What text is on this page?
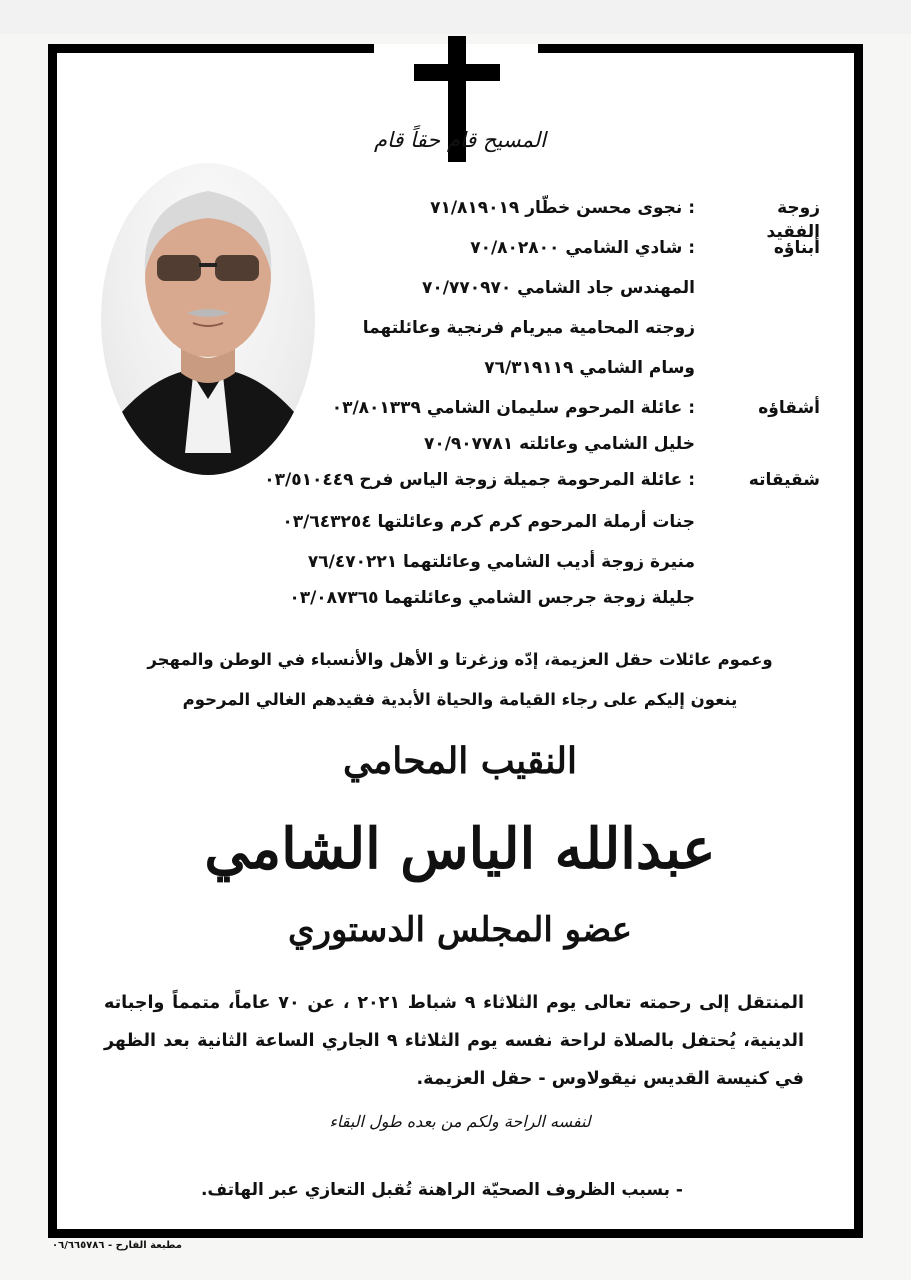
المسيح قام حقاً قام
زوجة الفقيد
: نجوى محسن خطّار ٧١/٨١٩٠١٩
أبناؤه
: شادي الشامي ٧٠/٨٠٢٨٠٠
المهندس جاد الشامي ٧٠/٧٧٠٩٧٠
زوجته المحامية ميريام فرنجية وعائلتهما
وسام الشامي ٧٦/٣١٩١١٩
أشقاؤه
: عائلة المرحوم سليمان الشامي ٠٣/٨٠١٣٣٩
خليل الشامي وعائلته ٧٠/٩٠٧٧٨١
شقيقاته
: عائلة المرحومة جميلة زوجة الياس فرح ٠٣/٥١٠٤٤٩
جنات أرملة المرحوم كرم كرم وعائلتها ٠٣/٦٤٣٢٥٤
منيرة زوجة أديب الشامي وعائلتهما ٧٦/٤٧٠٢٢١
جليلة زوجة جرجس الشامي وعائلتهما ٠٣/٠٨٧٣٦٥
وعموم عائلات حقل العزيمة، إدّه وزغرتا و الأهل والأنسباء في الوطن والمهجر
ينعون إليكم على رجاء القيامة والحياة الأبدية فقيدهم الغالي المرحوم
النقيب المحامي
عبدالله الياس الشامي
عضو المجلس الدستوري
المنتقل إلى رحمته تعالى يوم الثلاثاء ٩ شباط ٢٠٢١ ، عن ٧٠ عاماً، متمماً واجباته الدينية، يُحتفل بالصلاة لراحة نفسه يوم الثلاثاء ٩ الجاري الساعة الثانية بعد الظهر في كنيسة القديس نيقولاوس - حقل العزيمة.
لنفسه الراحة ولكم من بعده طول البقاء
- بسبب الظروف الصحيّة الراهنة تُقبل التعازي عبر الهاتف.
مطبعة الفارح - ٠٦/٦٦٥٧٨٦
